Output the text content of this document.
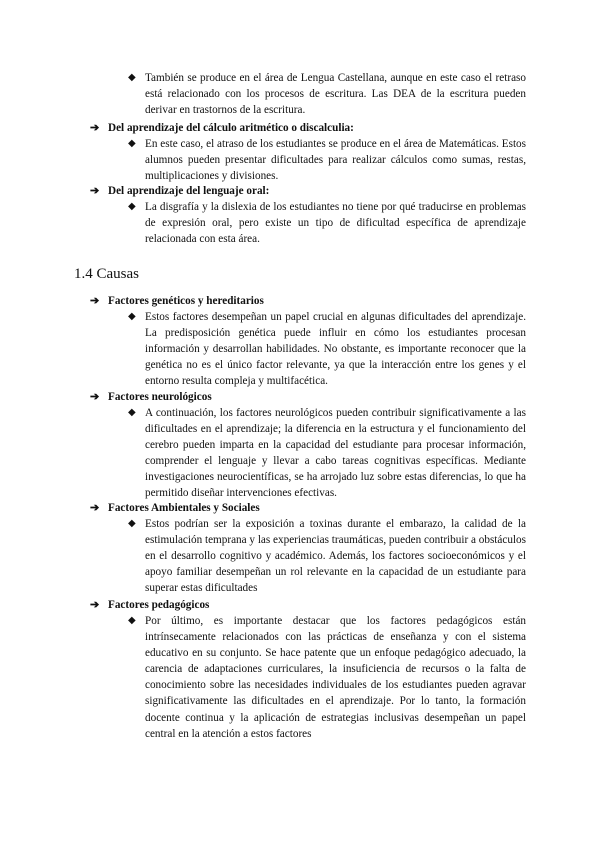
◆ También se produce en el área de Lengua Castellana, aunque en este caso el retraso está relacionado con los procesos de escritura. Las DEA de la escritura pueden derivar en trastornos de la escritura.
➔ Del aprendizaje del cálculo aritmético o discalculia:
◆ En este caso, el atraso de los estudiantes se produce en el área de Matemáticas. Estos alumnos pueden presentar dificultades para realizar cálculos como sumas, restas, multiplicaciones y divisiones.
➔ Del aprendizaje del lenguaje oral:
◆ La disgrafía y la dislexia de los estudiantes no tiene por qué traducirse en problemas de expresión oral, pero existe un tipo de dificultad específica de aprendizaje relacionada con esta área.
1.4 Causas
➔ Factores genéticos y hereditarios
◆ Estos factores desempeñan un papel crucial en algunas dificultades del aprendizaje. La predisposición genética puede influir en cómo los estudiantes procesan información y desarrollan habilidades. No obstante, es importante reconocer que la genética no es el único factor relevante, ya que la interacción entre los genes y el entorno resulta compleja y multifacética.
➔ Factores neurológicos
◆ A continuación, los factores neurológicos pueden contribuir significativamente a las dificultades en el aprendizaje; la diferencia en la estructura y el funcionamiento del cerebro pueden imparta en la capacidad del estudiante para procesar información, comprender el lenguaje y llevar a cabo tareas cognitivas específicas. Mediante investigaciones neurocientíficas, se ha arrojado luz sobre estas diferencias, lo que ha permitido diseñar intervenciones efectivas.
➔ Factores Ambientales y Sociales
◆ Estos podrían ser la exposición a toxinas durante el embarazo, la calidad de la estimulación temprana y las experiencias traumáticas, pueden contribuir a obstáculos en el desarrollo cognitivo y académico. Además, los factores socioeconómicos y el apoyo familiar desempeñan un rol relevante en la capacidad de un estudiante para superar estas dificultades
➔ Factores pedagógicos
◆ Por último, es importante destacar que los factores pedagógicos están intrínsecamente relacionados con las prácticas de enseñanza y con el sistema educativo en su conjunto. Se hace patente que un enfoque pedagógico adecuado, la carencia de adaptaciones curriculares, la insuficiencia de recursos o la falta de conocimiento sobre las necesidades individuales de los estudiantes pueden agravar significativamente las dificultades en el aprendizaje. Por lo tanto, la formación docente continua y la aplicación de estrategias inclusivas desempeñan un papel central en la atención a estos factores
